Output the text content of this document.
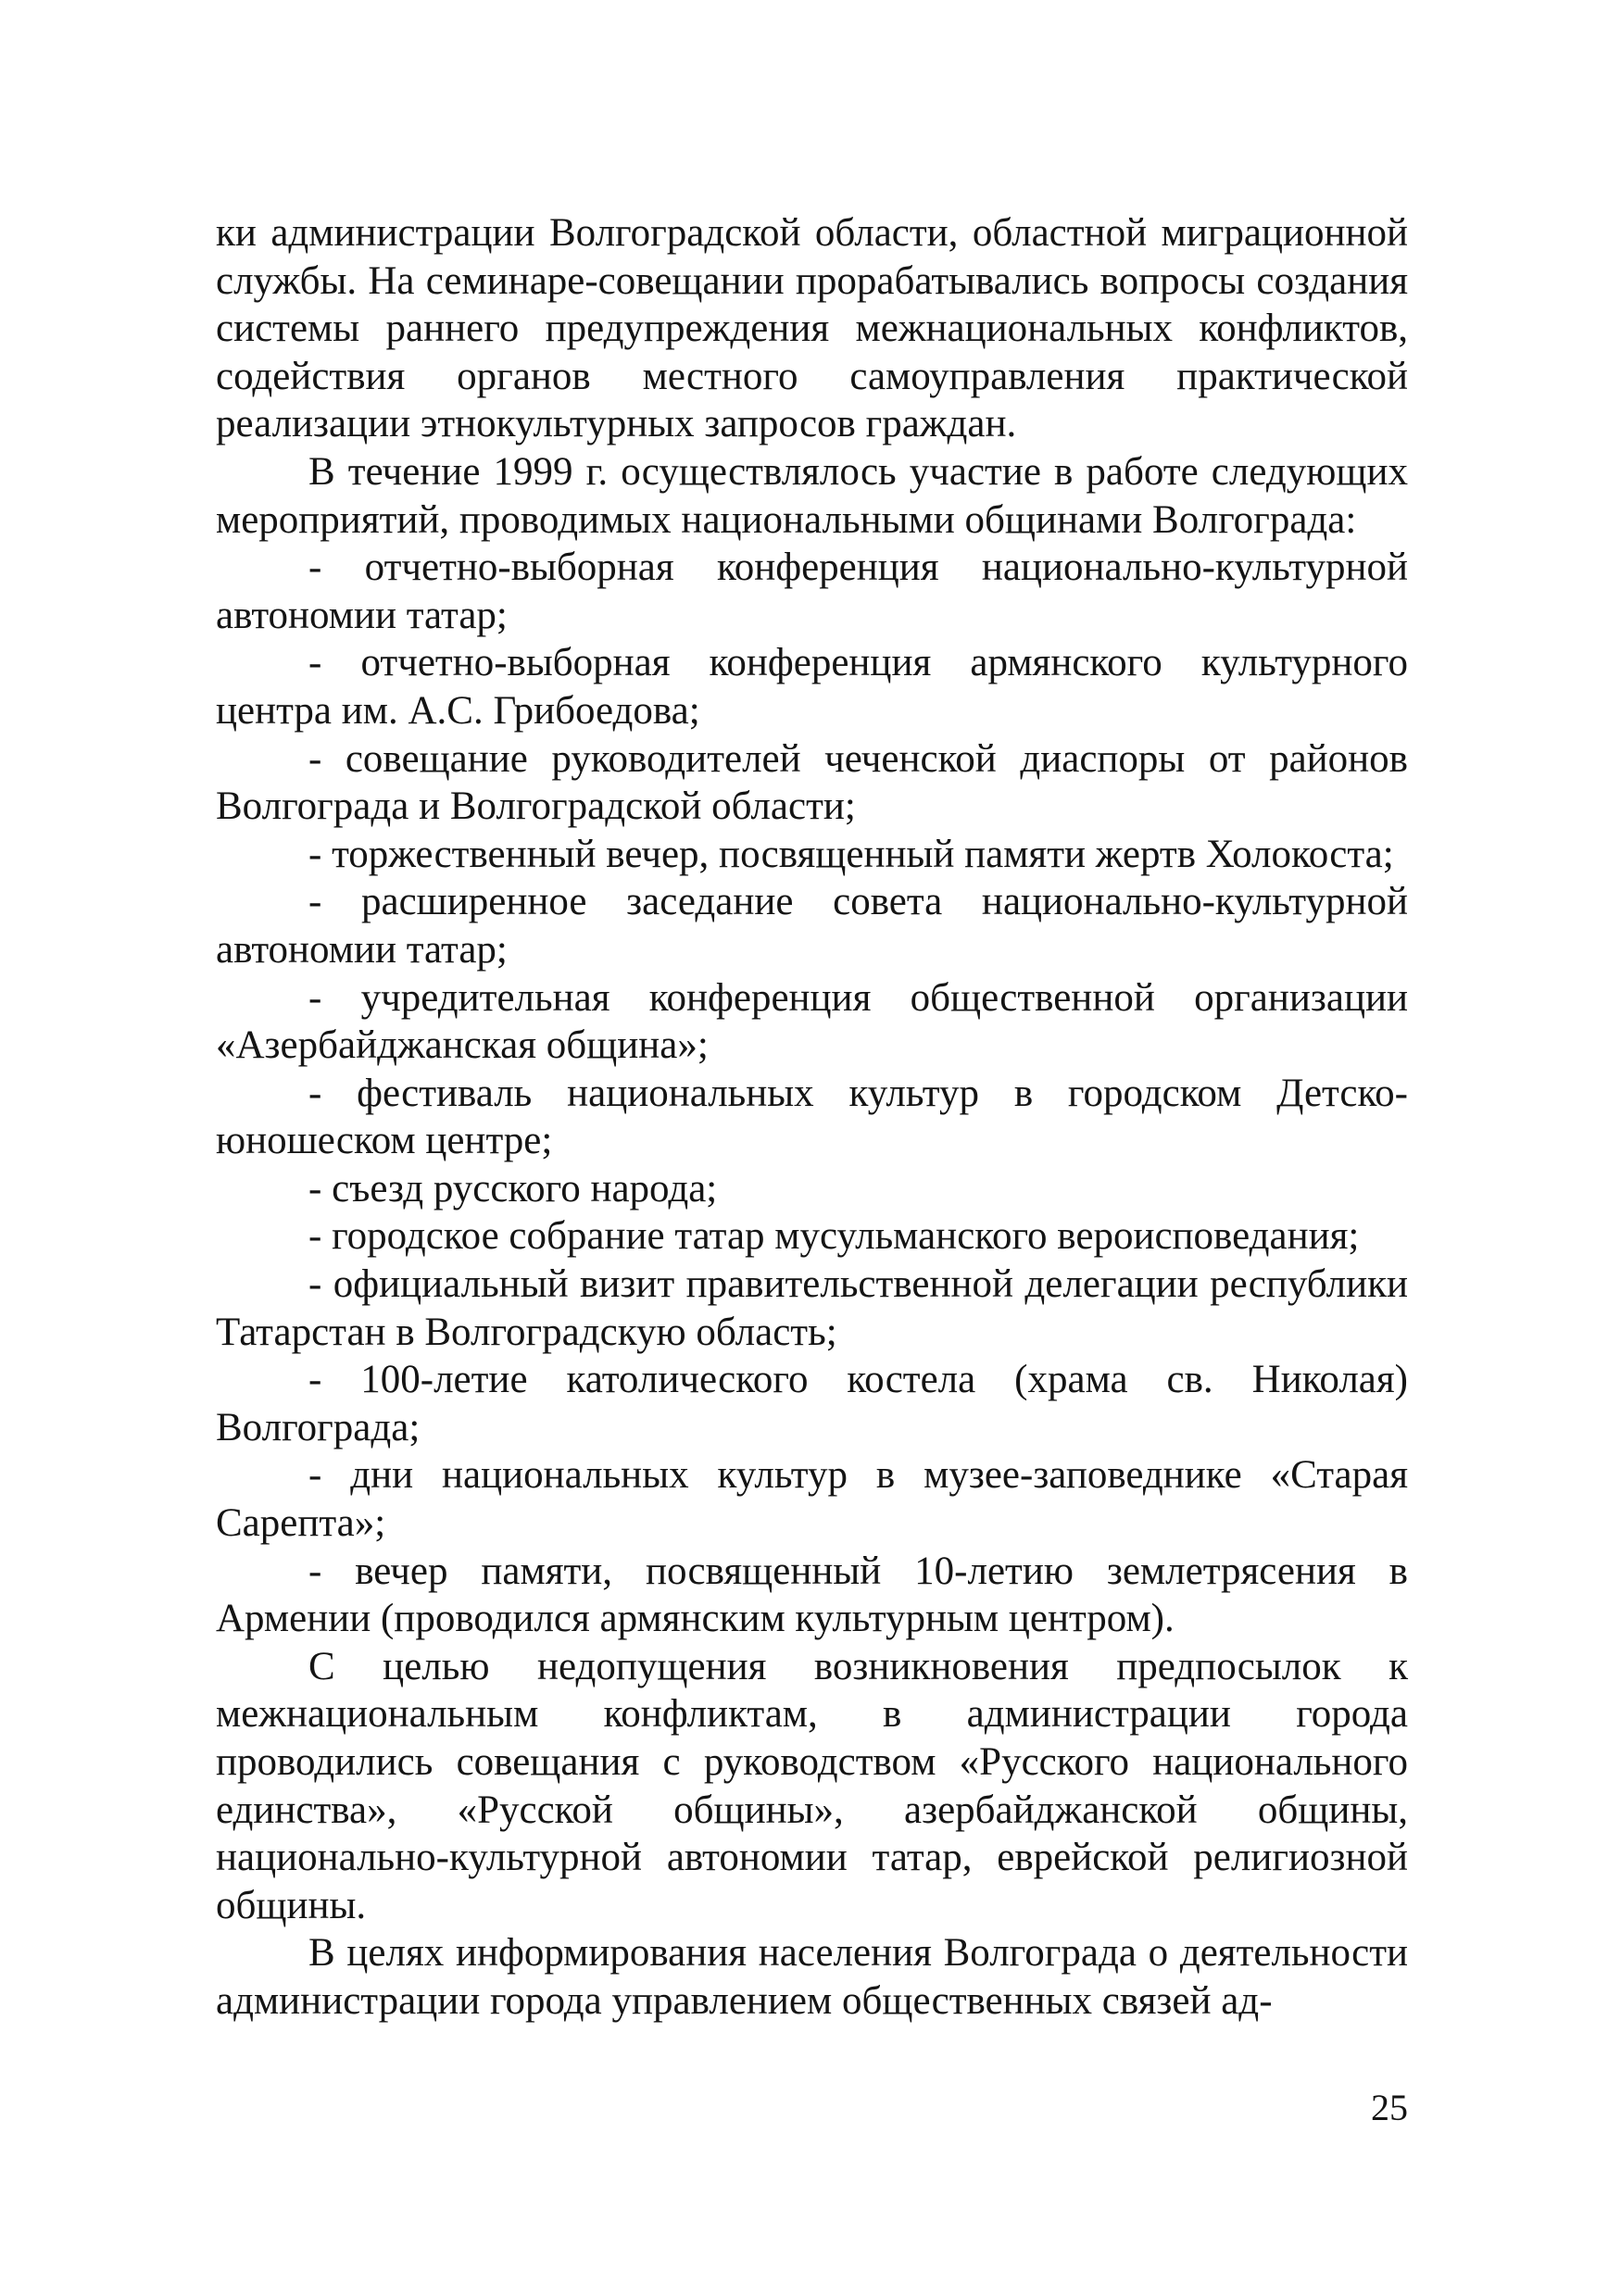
ки администрации Волгоградской области, областной миграционной службы. На семинаре-совещании прорабатывались вопросы создания системы раннего предупреждения межнациональных конфликтов, содействия органов местного самоуправления практической реализации этнокультурных запросов граждан.

В течение 1999 г. осуществлялось участие в работе следующих мероприятий, проводимых национальными общинами Волгограда:

- отчетно-выборная конференция национально-культурной автономии татар;

- отчетно-выборная конференция армянского культурного центра им. А.С. Грибоедова;

- совещание руководителей чеченской диаспоры от районов Волгограда и Волгоградской области;

- торжественный вечер, посвященный памяти жертв Холокоста;

- расширенное заседание совета национально-культурной автономии татар;

- учредительная конференция общественной организации «Азербайджанская община»;

- фестиваль национальных культур в городском Детско-юношеском центре;

- съезд русского народа;

- городское собрание татар мусульманского вероисповедания;

- официальный визит правительственной делегации республики Татарстан в Волгоградскую область;

- 100-летие католического костела (храма св. Николая) Волгограда;

- дни национальных культур в музее-заповеднике «Старая Сарепта»;

- вечер памяти, посвященный 10-летию землетрясения в Армении (проводился армянским культурным центром).

С целью недопущения возникновения предпосылок к межнациональным конфликтам, в администрации города проводились совещания с руководством «Русского национального единства», «Русской общины», азербайджанской общины, национально-культурной автономии татар, еврейской религиозной общины.

В целях информирования населения Волгограда о деятельности администрации города управлением общественных связей ад-

25
